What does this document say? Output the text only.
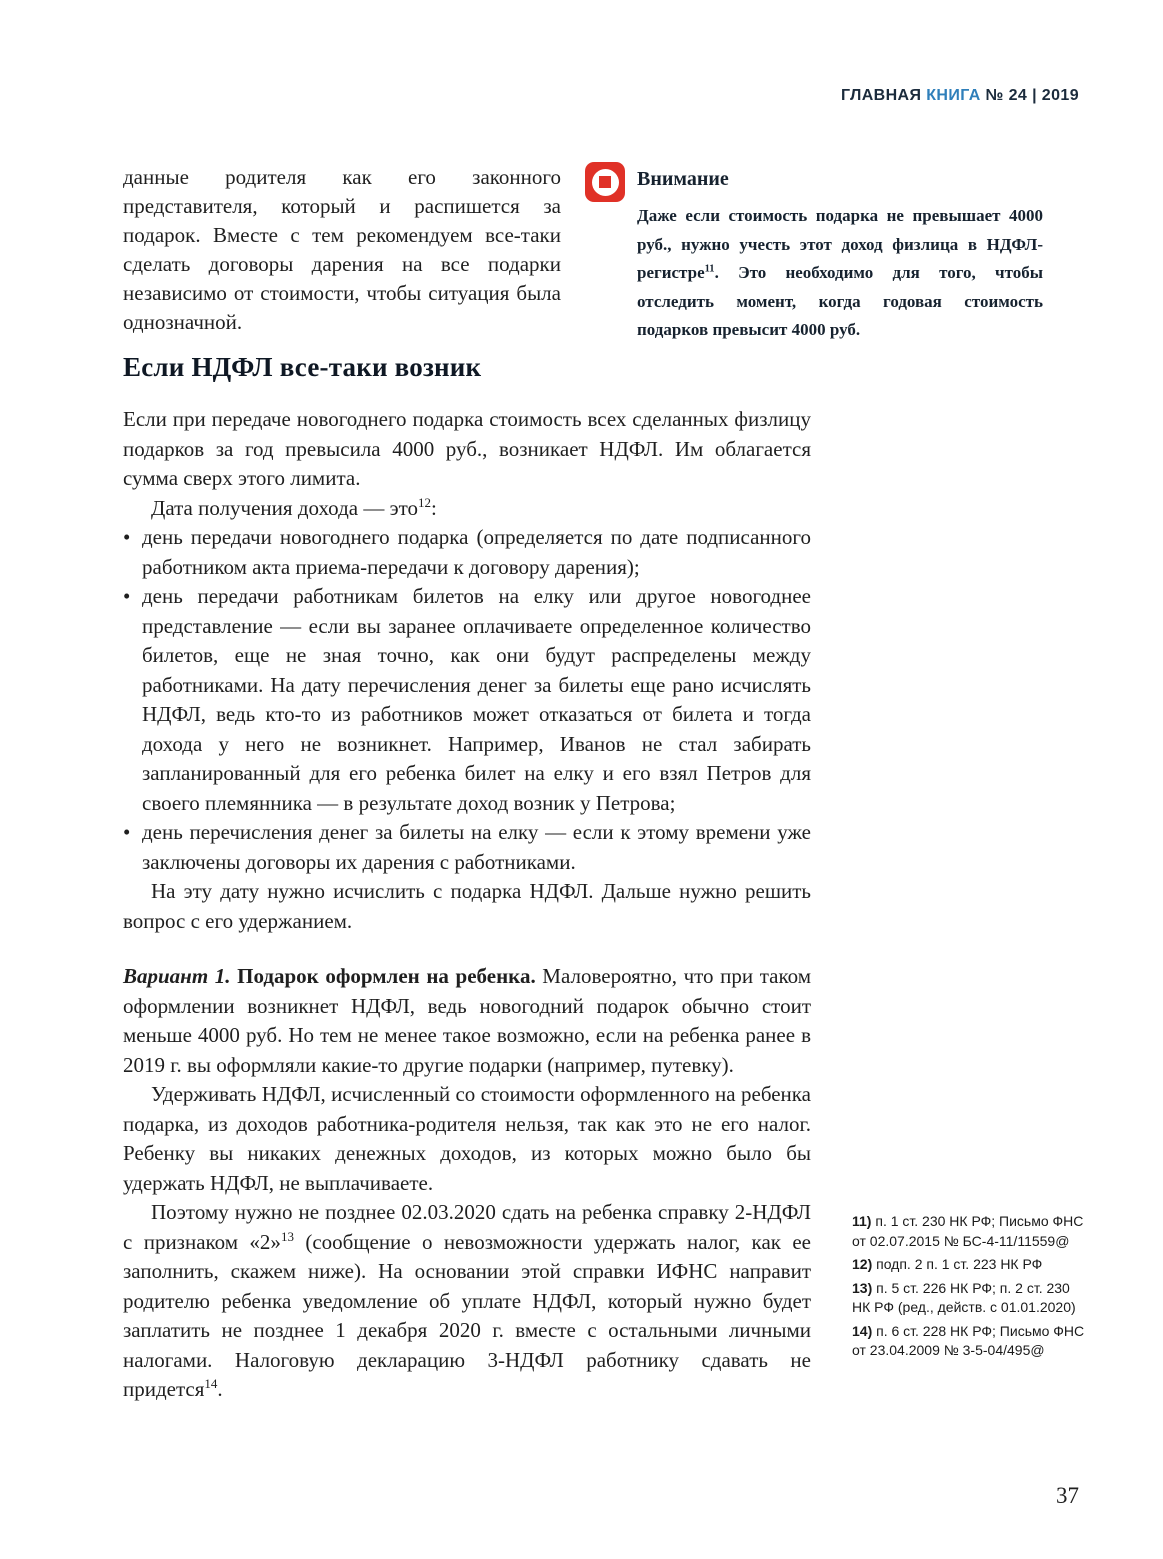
ГЛАВНАЯ КНИГА № 24 | 2019
данные родителя как его законного представителя, который и распишется за подарок. Вместе с тем рекомендуем все-таки сделать договоры дарения на все подарки независимо от стоимости, чтобы ситуация была однозначной.
Внимание
Даже если стоимость подарка не превышает 4000 руб., нужно учесть этот доход физлица в НДФЛ-регистре$^{11}$. Это необходимо для того, чтобы отследить момент, когда годовая стоимость подарков превысит 4000 руб.
Если НДФЛ все-таки возник

Если при передаче новогоднего подарка стоимость всех сделанных физлицу подарков за год превысила 4000 руб., возникает НДФЛ. Им облагается сумма сверх этого лимита.

Дата получения дохода — это$^{12}$:

• день передачи новогоднего подарка (определяется по дате подписанного работником акта приема-передачи к договору дарения);
• день передачи работникам билетов на елку или другое новогоднее представление — если вы заранее оплачиваете определенное количество билетов, еще не зная точно, как они будут распределены между работниками. На дату перечисления денег за билеты еще рано исчислять НДФЛ, ведь кто-то из работников может отказаться от билета и тогда дохода у него не возникнет. Например, Иванов не стал забирать запланированный для его ребенка билет на елку и его взял Петров для своего племянника — в результате доход возник у Петрова;
• день перечисления денег за билеты на елку — если к этому времени уже заключены договоры их дарения с работниками.

На эту дату нужно исчислить с подарка НДФЛ. Дальше нужно решить вопрос с его удержанием.

Вариант 1. Подарок оформлен на ребенка. Маловероятно, что при таком оформлении возникнет НДФЛ, ведь новогодний подарок обычно стоит меньше 4000 руб. Но тем не менее такое возможно, если на ребенка ранее в 2019 г. вы оформляли какие-то другие подарки (например, путевку).

Удерживать НДФЛ, исчисленный со стоимости оформленного на ребенка подарка, из доходов работника-родителя нельзя, так как это не его налог. Ребенку вы никаких денежных доходов, из которых можно было бы удержать НДФЛ, не выплачиваете.

Поэтому нужно не позднее 02.03.2020 сдать на ребенка справку 2-НДФЛ с признаком «2»$^{13}$ (сообщение о невозможности удержать налог, как ее заполнить, скажем ниже). На основании этой справки ИФНС направит родителю ребенка уведомление об уплате НДФЛ, который нужно будет заплатить не позднее 1 декабря 2020 г. вместе с остальными личными налогами. Налоговую декларацию 3-НДФЛ работнику сдавать не придется$^{14}$.

11) п. 1 ст. 230 НК РФ; Письмо ФНС от 02.07.2015 № БС-4-11/11559@
12) подп. 2 п. 1 ст. 223 НК РФ
13) п. 5 ст. 226 НК РФ; п. 2 ст. 230 НК РФ (ред., действ. с 01.01.2020)
14) п. 6 ст. 228 НК РФ; Письмо ФНС от 23.04.2009 № 3-5-04/495@
37
